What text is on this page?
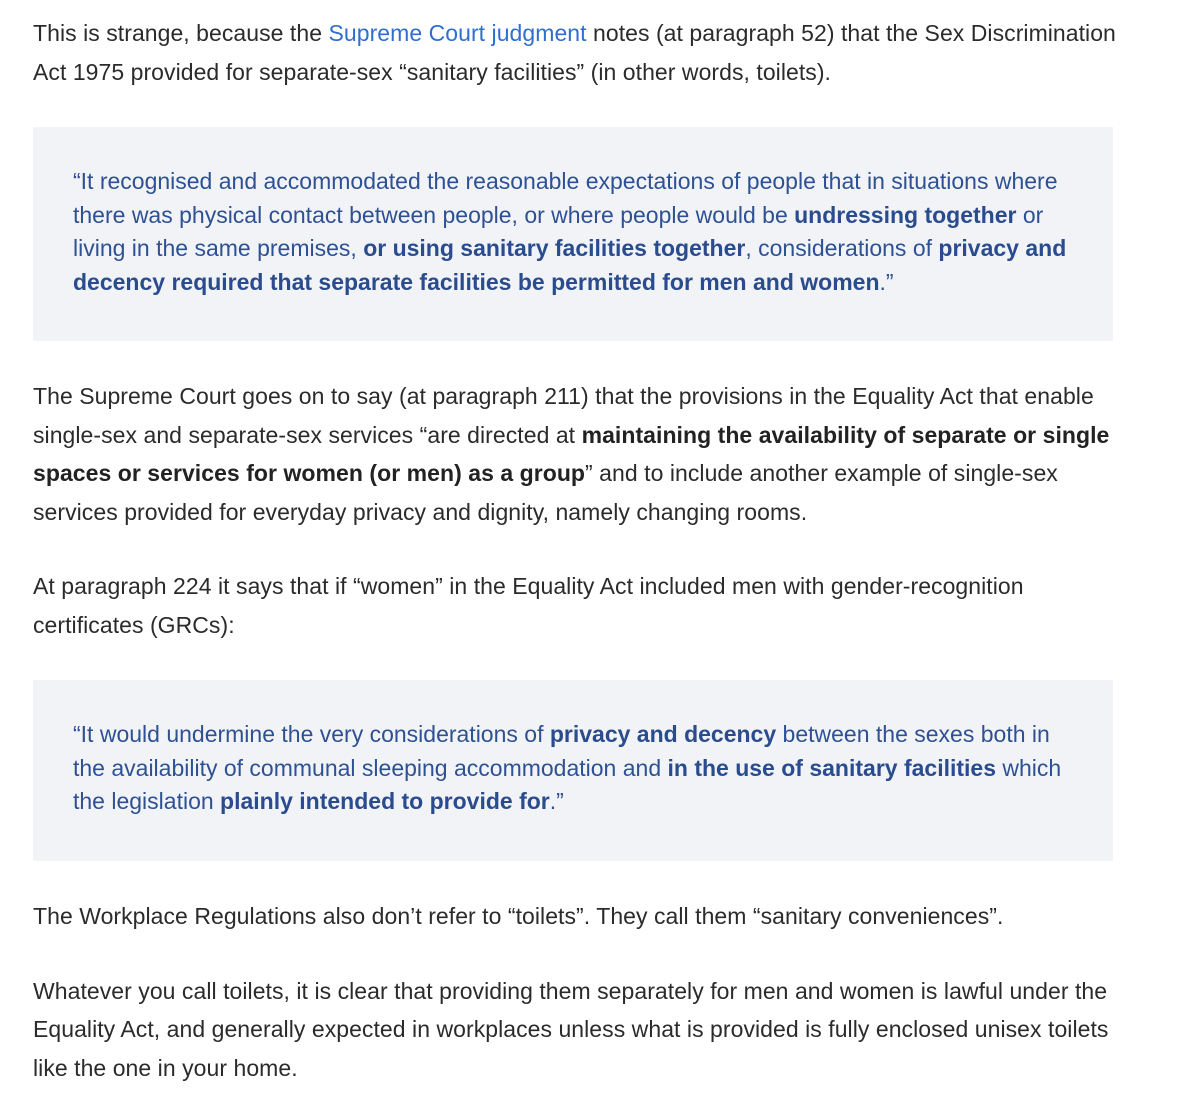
This is strange, because the Supreme Court judgment notes (at paragraph 52) that the Sex Discrimination Act 1975 provided for separate-sex “sanitary facilities” (in other words, toilets).

“It recognised and accommodated the reasonable expectations of people that in situations where there was physical contact between people, or where people would be undressing together or living in the same premises, or using sanitary facilities together, considerations of privacy and decency required that separate facilities be permitted for men and women.”

The Supreme Court goes on to say (at paragraph 211) that the provisions in the Equality Act that enable single-sex and separate-sex services “are directed at maintaining the availability of separate or single spaces or services for women (or men) as a group” and to include another example of single-sex services provided for everyday privacy and dignity, namely changing rooms.

At paragraph 224 it says that if “women” in the Equality Act included men with gender-recognition certificates (GRCs):

“It would undermine the very considerations of privacy and decency between the sexes both in the availability of communal sleeping accommodation and in the use of sanitary facilities which the legislation plainly intended to provide for.”

The Workplace Regulations also don’t refer to “toilets”. They call them “sanitary conveniences”.

Whatever you call toilets, it is clear that providing them separately for men and women is lawful under the Equality Act, and generally expected in workplaces unless what is provided is fully enclosed unisex toilets like the one in your home.
